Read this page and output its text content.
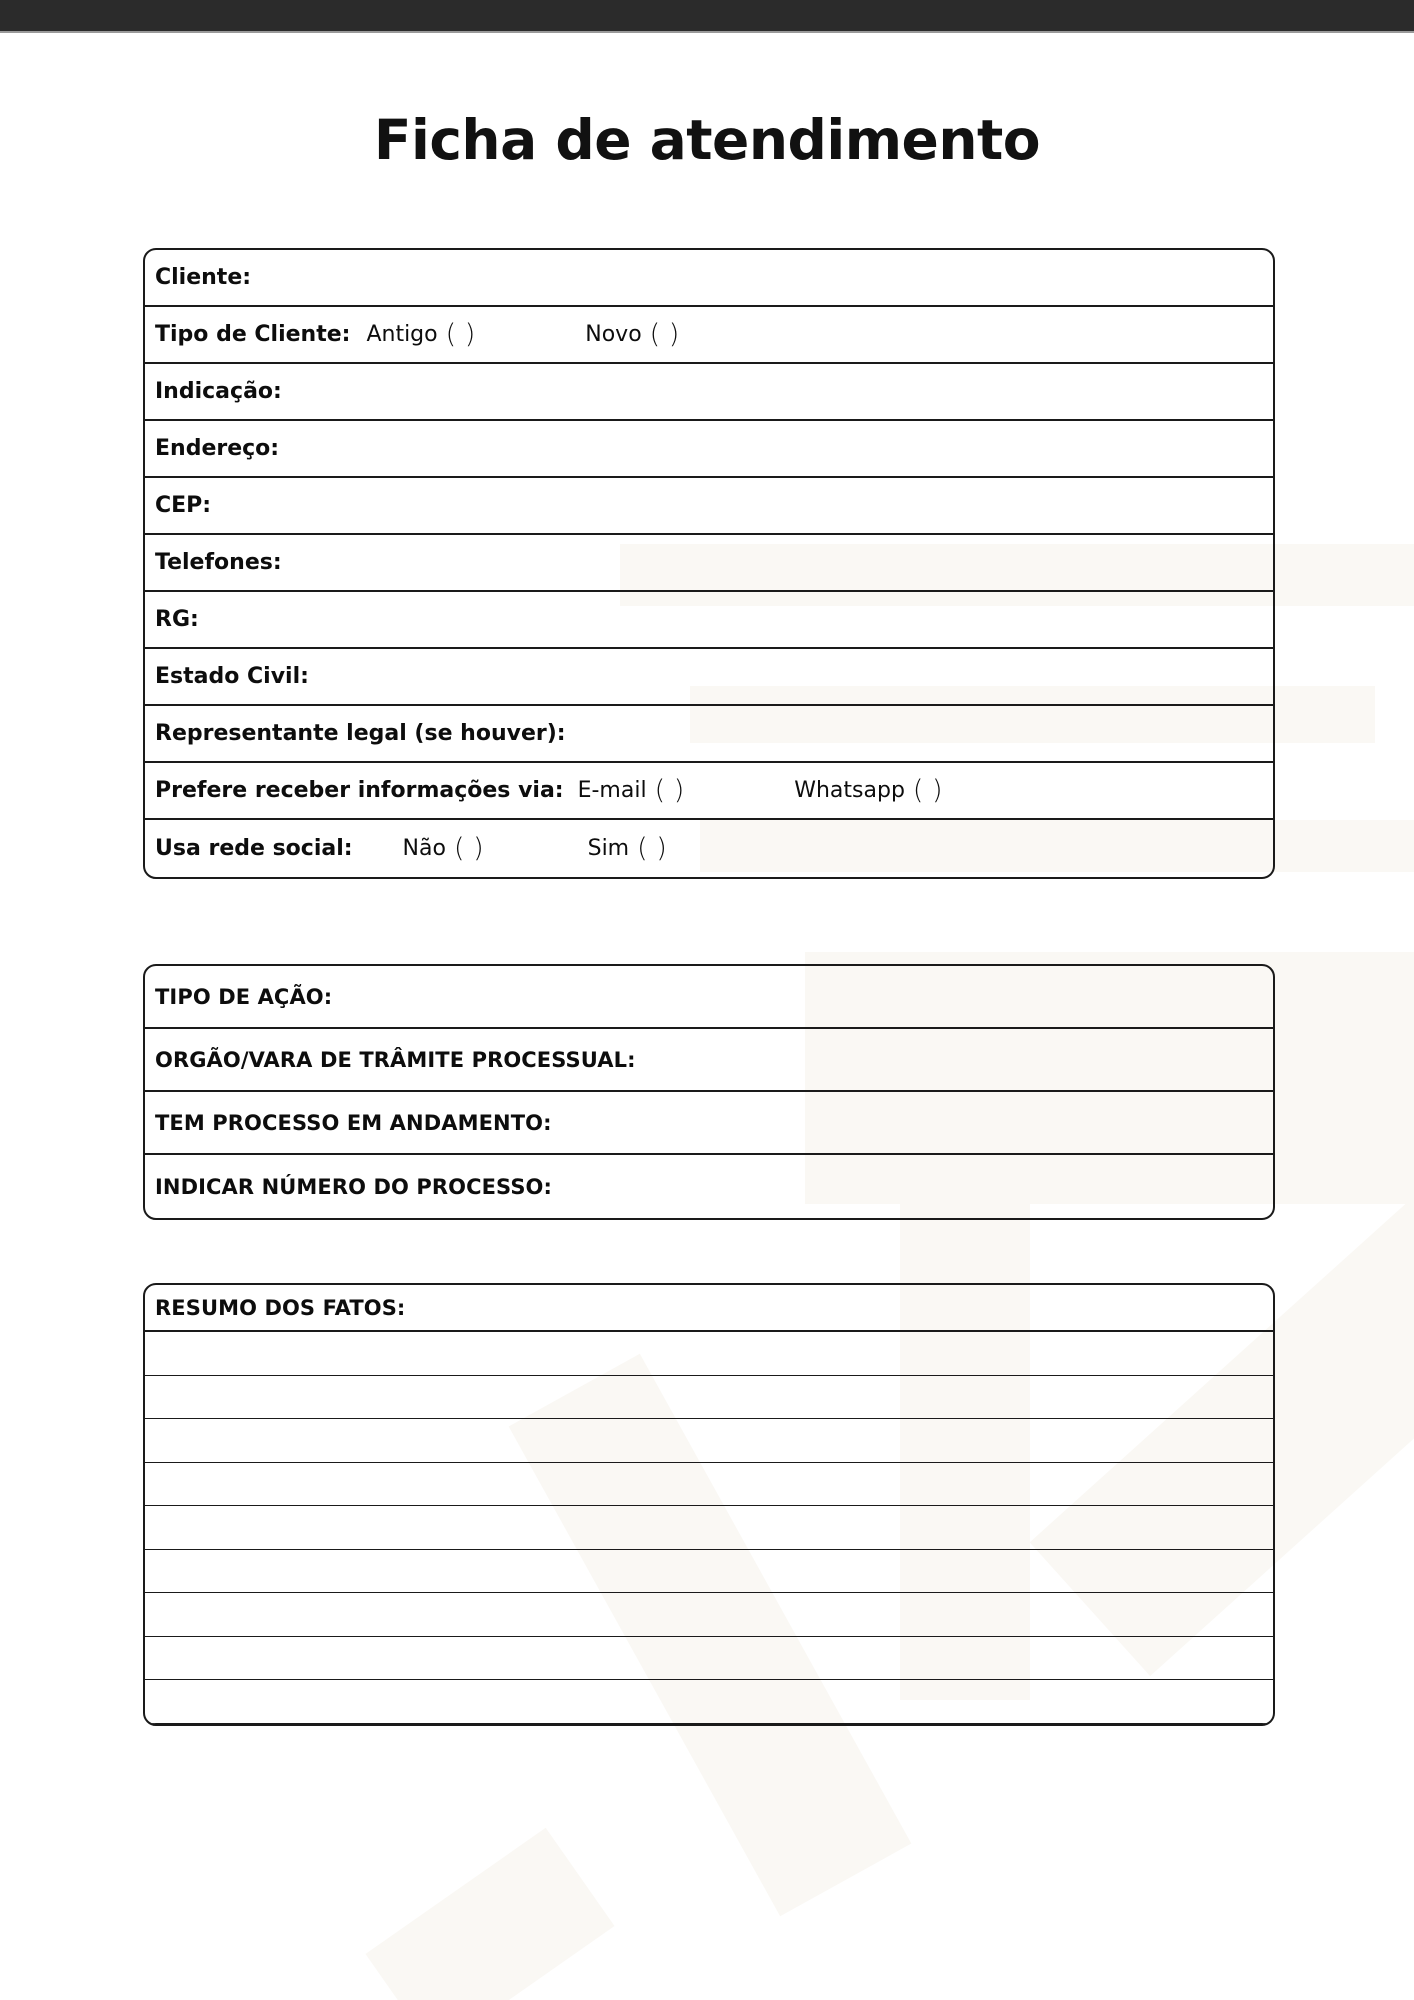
Ficha de atendimento
Cliente:
Tipo de Cliente: Antigo ( )	Novo ( )
Indicação:
Endereço:
CEP:
Telefones:
RG:
Estado Civil:
Representante legal (se houver):
Prefere receber informações via: E-mail ( )	Whatsapp ( )
Usa rede social: Não ( )	Sim ( )
TIPO DE AÇÃO:
ORGÃO/VARA DE TRÂMITE PROCESSUAL:
TEM PROCESSO EM ANDAMENTO:
INDICAR NÚMERO DO PROCESSO:
RESUMO DOS FATOS:
